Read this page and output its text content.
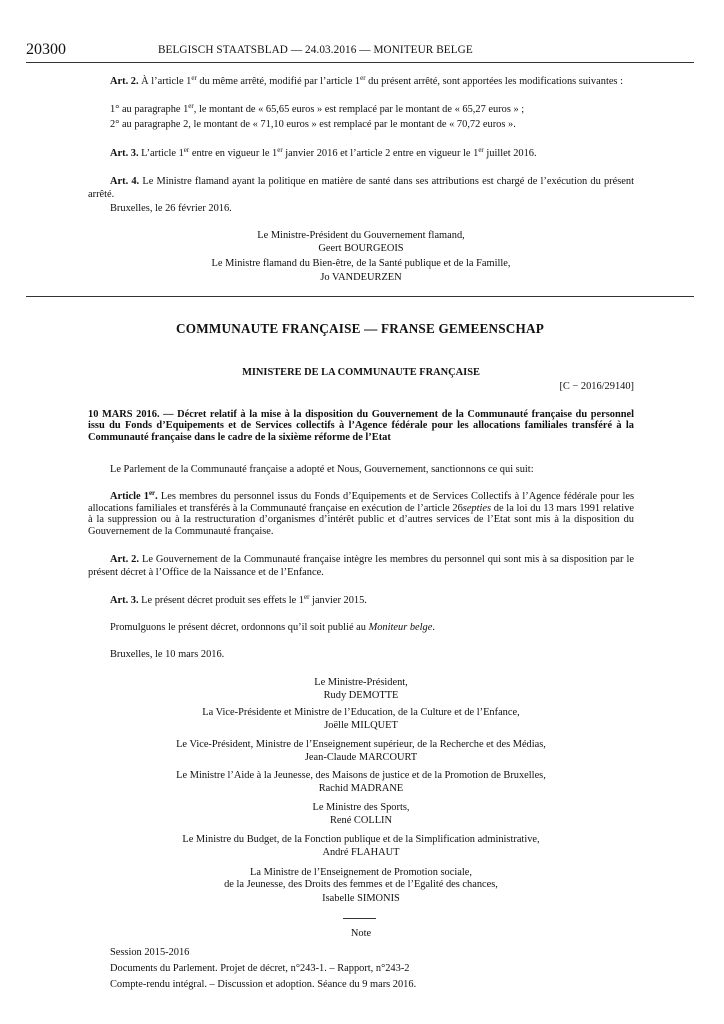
20300	BELGISCH STAATSBLAD — 24.03.2016 — MONITEUR BELGE
Art. 2. À l’article 1er du même arrêté, modifié par l’article 1er du présent arrêté, sont apportées les modifications suivantes :
1° au paragraphe 1er, le montant de « 65,65 euros » est remplacé par le montant de « 65,27 euros » ;
2° au paragraphe 2, le montant de « 71,10 euros » est remplacé par le montant de « 70,72 euros ».
Art. 3. L’article 1er entre en vigueur le 1er janvier 2016 et l’article 2 entre en vigueur le 1er juillet 2016.
Art. 4. Le Ministre flamand ayant la politique en matière de santé dans ses attributions est chargé de l’exécution du présent arrêté.
Bruxelles, le 26 février 2016.
Le Ministre-Président du Gouvernement flamand,
Geert BOURGEOIS
Le Ministre flamand du Bien-être, de la Santé publique et de la Famille,
Jo VANDEURZEN
COMMUNAUTE FRANÇAISE — FRANSE GEMEENSCHAP
MINISTERE DE LA COMMUNAUTE FRANÇAISE
[C − 2016/29140]
10 MARS 2016. — Décret relatif à la mise à la disposition du Gouvernement de la Communauté française du personnel issu du Fonds d’Equipements et de Services collectifs à l’Agence fédérale pour les allocations familiales transféré à la Communauté française dans le cadre de la sixième réforme de l’Etat
Le Parlement de la Communauté française a adopté et Nous, Gouvernement, sanctionnons ce qui suit:
Article 1er. Les membres du personnel issus du Fonds d’Equipements et de Services Collectifs à l’Agence fédérale pour les allocations familiales et transférés à la Communauté française en exécution de l’article 26septies de la loi du 13 mars 1991 relative à la suppression ou à la restructuration d’organismes d’intérêt public et d’autres services de l’Etat sont mis à la disposition du Gouvernement de la Communauté française.
Art. 2. Le Gouvernement de la Communauté française intègre les membres du personnel qui sont mis à sa disposition par le présent décret à l’Office de la Naissance et de l’Enfance.
Art. 3. Le présent décret produit ses effets le 1er janvier 2015.
Promulguons le présent décret, ordonnons qu’il soit publié au Moniteur belge.
Bruxelles, le 10 mars 2016.
Le Ministre-Président,
Rudy DEMOTTE
La Vice-Présidente et Ministre de l’Education, de la Culture et de l’Enfance,
Joëlle MILQUET
Le Vice-Président, Ministre de l’Enseignement supérieur, de la Recherche et des Médias,
Jean-Claude MARCOURT
Le Ministre l’Aide à la Jeunesse, des Maisons de justice et de la Promotion de Bruxelles,
Rachid MADRANE
Le Ministre des Sports,
René COLLIN
Le Ministre du Budget, de la Fonction publique et de la Simplification administrative,
André FLAHAUT
La Ministre de l’Enseignement de Promotion sociale,
de la Jeunesse, des Droits des femmes et de l’Egalité des chances,
Isabelle SIMONIS
Note
Session 2015-2016
Documents du Parlement. Projet de décret, n°243-1. – Rapport, n°243-2
Compte-rendu intégral. – Discussion et adoption. Séance du 9 mars 2016.
